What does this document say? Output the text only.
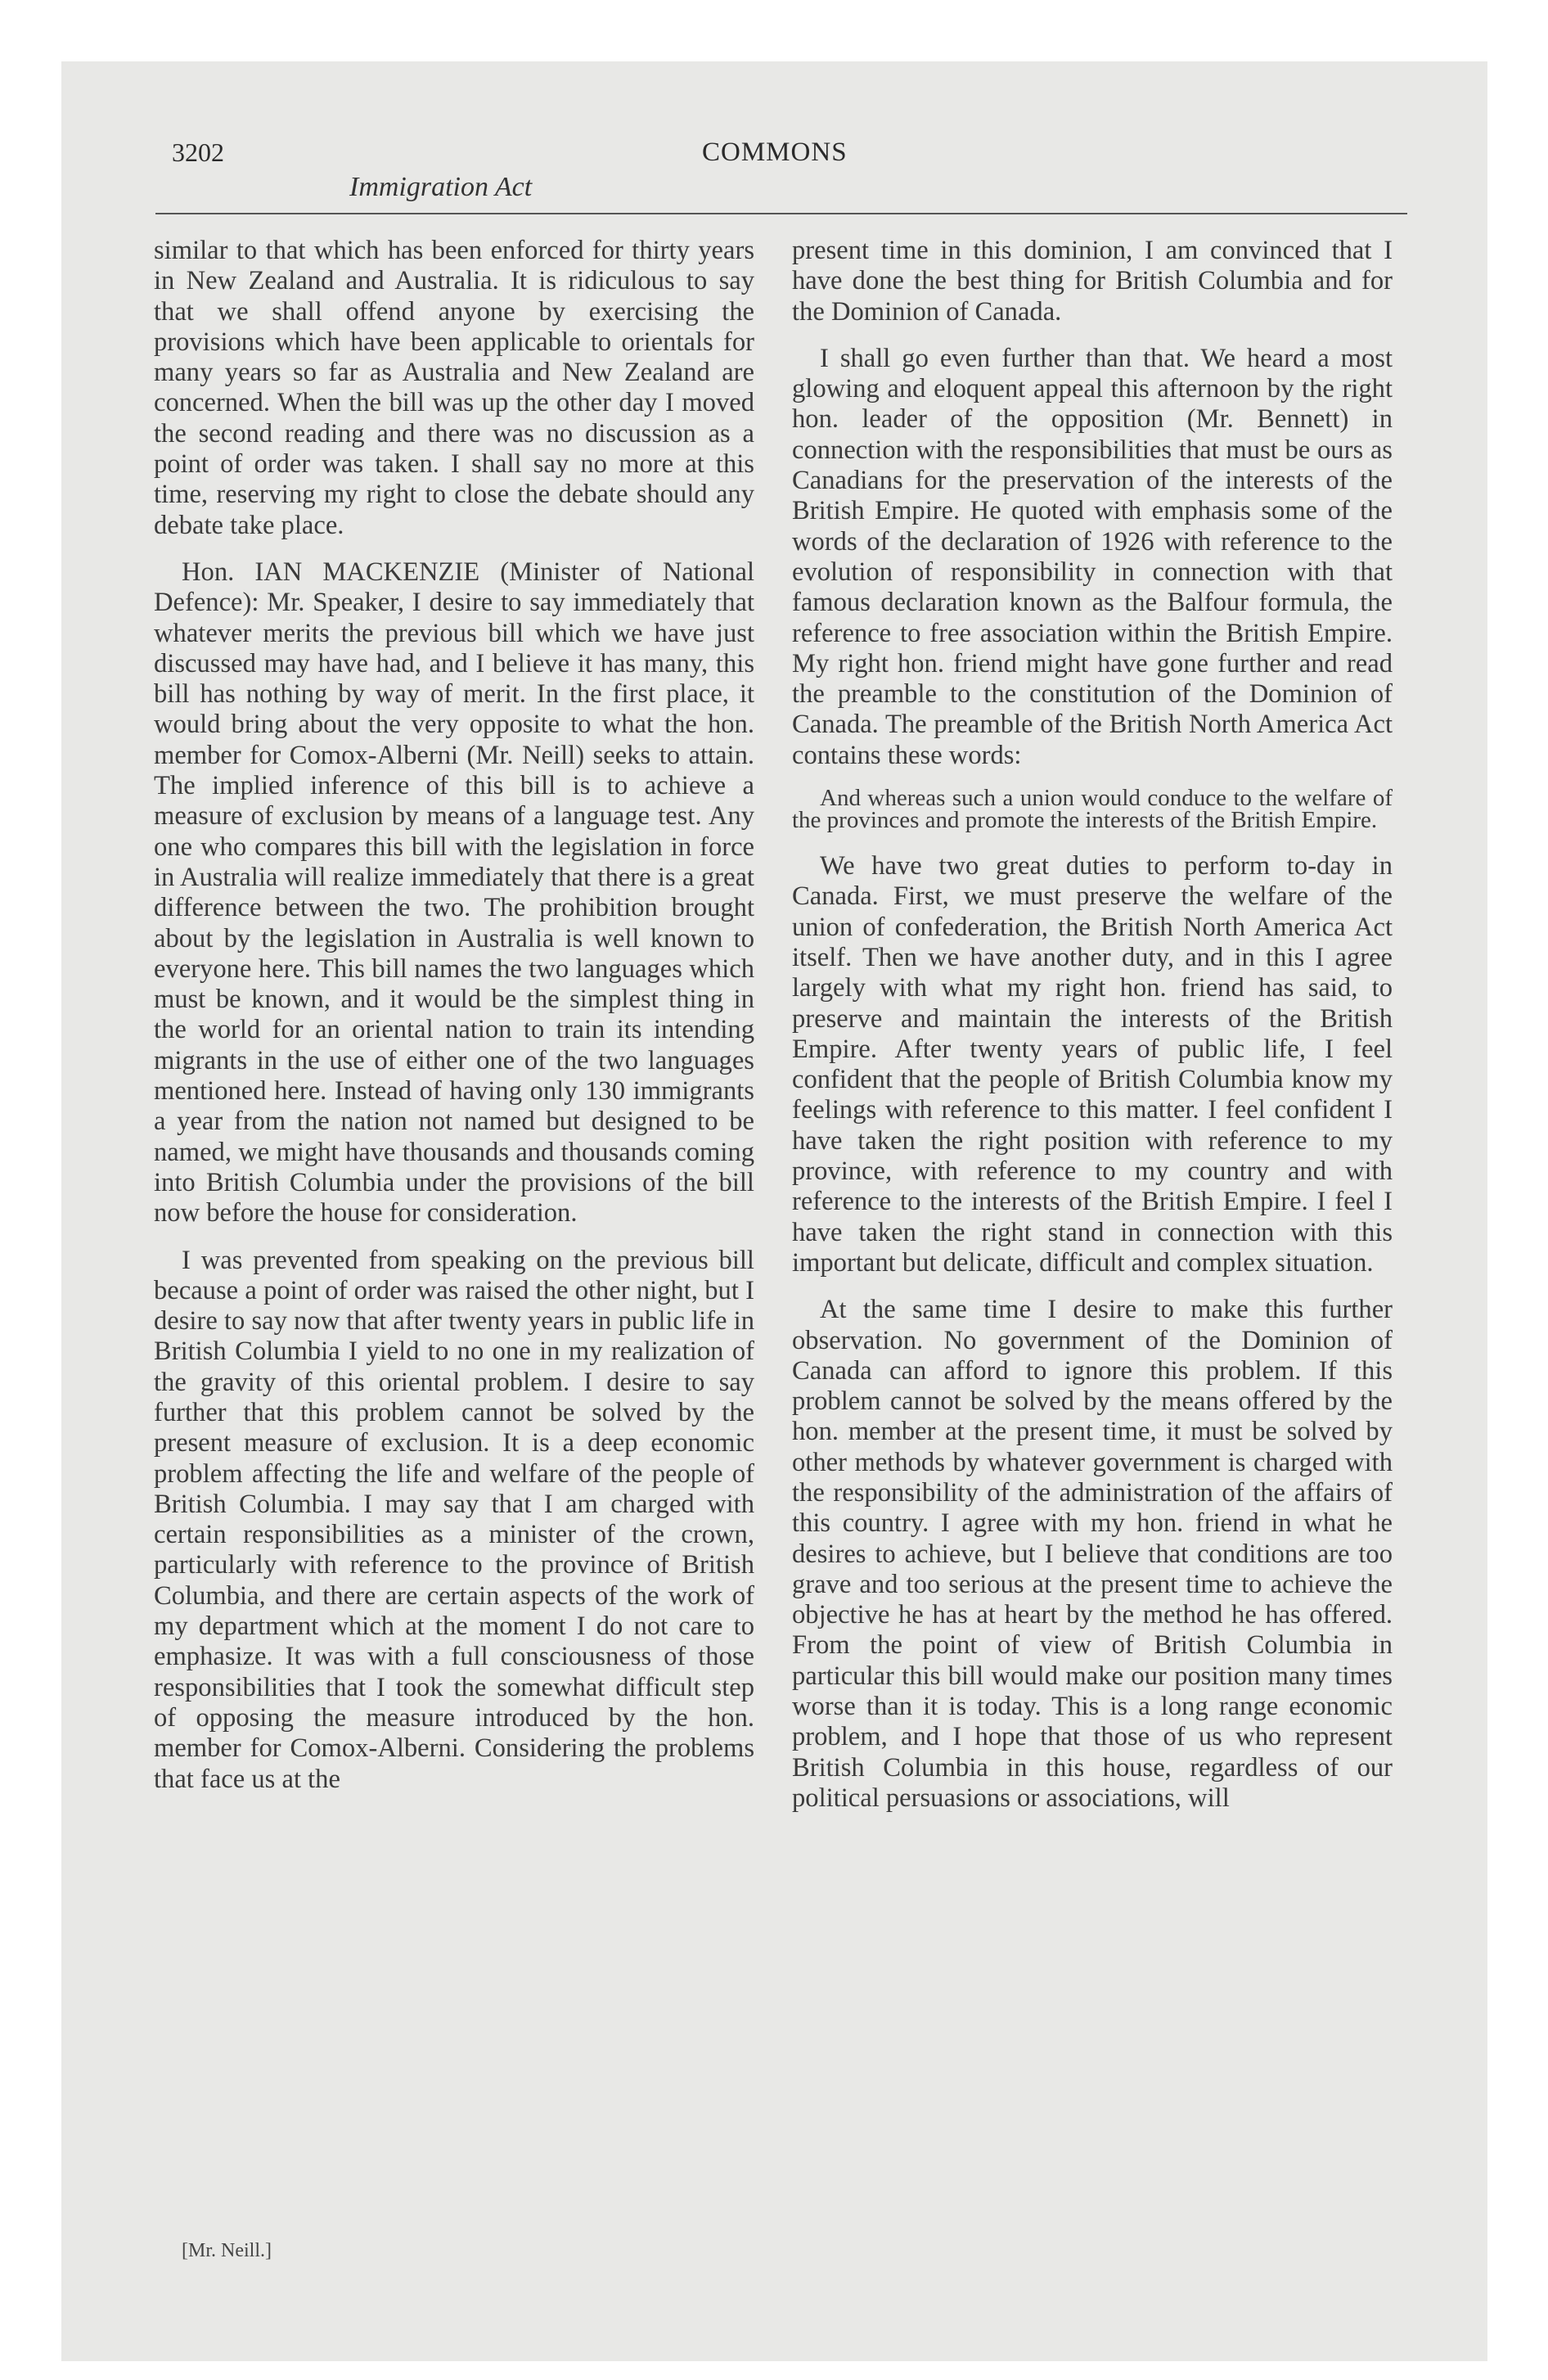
3202	COMMONS
Immigration Act

similar to that which has been enforced for thirty years in New Zealand and Australia. It is ridiculous to say that we shall offend anyone by exercising the provisions which have been applicable to orientals for many years so far as Australia and New Zealand are concerned. When the bill was up the other day I moved the second reading and there was no discussion as a point of order was taken. I shall say no more at this time, reserving my right to close the debate should any debate take place.

Hon. IAN MACKENZIE (Minister of National Defence): Mr. Speaker, I desire to say immediately that whatever merits the previous bill which we have just discussed may have had, and I believe it has many, this bill has nothing by way of merit. In the first place, it would bring about the very opposite to what the hon. member for Comox-Alberni (Mr. Neill) seeks to attain. The implied inference of this bill is to achieve a measure of exclusion by means of a language test. Any one who compares this bill with the legislation in force in Australia will realize immediately that there is a great difference between the two. The prohibition brought about by the legislation in Australia is well known to everyone here. This bill names the two languages which must be known, and it would be the simplest thing in the world for an oriental nation to train its intending migrants in the use of either one of the two languages mentioned here. Instead of having only 130 immigrants a year from the nation not named but designed to be named, we might have thousands and thousands coming into British Columbia under the provisions of the bill now before the house for consideration.

I was prevented from speaking on the previous bill because a point of order was raised the other night, but I desire to say now that after twenty years in public life in British Columbia I yield to no one in my realization of the gravity of this oriental problem. I desire to say further that this problem cannot be solved by the present measure of exclusion. It is a deep economic problem affecting the life and welfare of the people of British Columbia. I may say that I am charged with certain responsibilities as a minister of the crown, particularly with reference to the province of British Columbia, and there are certain aspects of the work of my department which at the moment I do not care to emphasize. It was with a full consciousness of those responsibilities that I took the somewhat difficult step of opposing the measure introduced by the hon. member for Comox-Alberni. Considering the problems that face us at the

present time in this dominion, I am convinced that I have done the best thing for British Columbia and for the Dominion of Canada.

I shall go even further than that. We heard a most glowing and eloquent appeal this afternoon by the right hon. leader of the opposition (Mr. Bennett) in connection with the responsibilities that must be ours as Canadians for the preservation of the interests of the British Empire. He quoted with emphasis some of the words of the declaration of 1926 with reference to the evolution of responsibility in connection with that famous declaration known as the Balfour formula, the reference to free association within the British Empire. My right hon. friend might have gone further and read the preamble to the constitution of the Dominion of Canada. The preamble of the British North America Act contains these words:

And whereas such a union would conduce to the welfare of the provinces and promote the interests of the British Empire.

We have two great duties to perform to-day in Canada. First, we must preserve the welfare of the union of confederation, the British North America Act itself. Then we have another duty, and in this I agree largely with what my right hon. friend has said, to preserve and maintain the interests of the British Empire. After twenty years of public life, I feel confident that the people of British Columbia know my feelings with reference to this matter. I feel confident I have taken the right position with reference to my province, with reference to my country and with reference to the interests of the British Empire. I feel I have taken the right stand in connection with this important but delicate, difficult and complex situation.

At the same time I desire to make this further observation. No government of the Dominion of Canada can afford to ignore this problem. If this problem cannot be solved by the means offered by the hon. member at the present time, it must be solved by other methods by whatever government is charged with the responsibility of the administration of the affairs of this country. I agree with my hon. friend in what he desires to achieve, but I believe that conditions are too grave and too serious at the present time to achieve the objective he has at heart by the method he has offered. From the point of view of British Columbia in particular this bill would make our position many times worse than it is today. This is a long range economic problem, and I hope that those of us who represent British Columbia in this house, regardless of our political persuasions or associations, will

[Mr. Neill.]
